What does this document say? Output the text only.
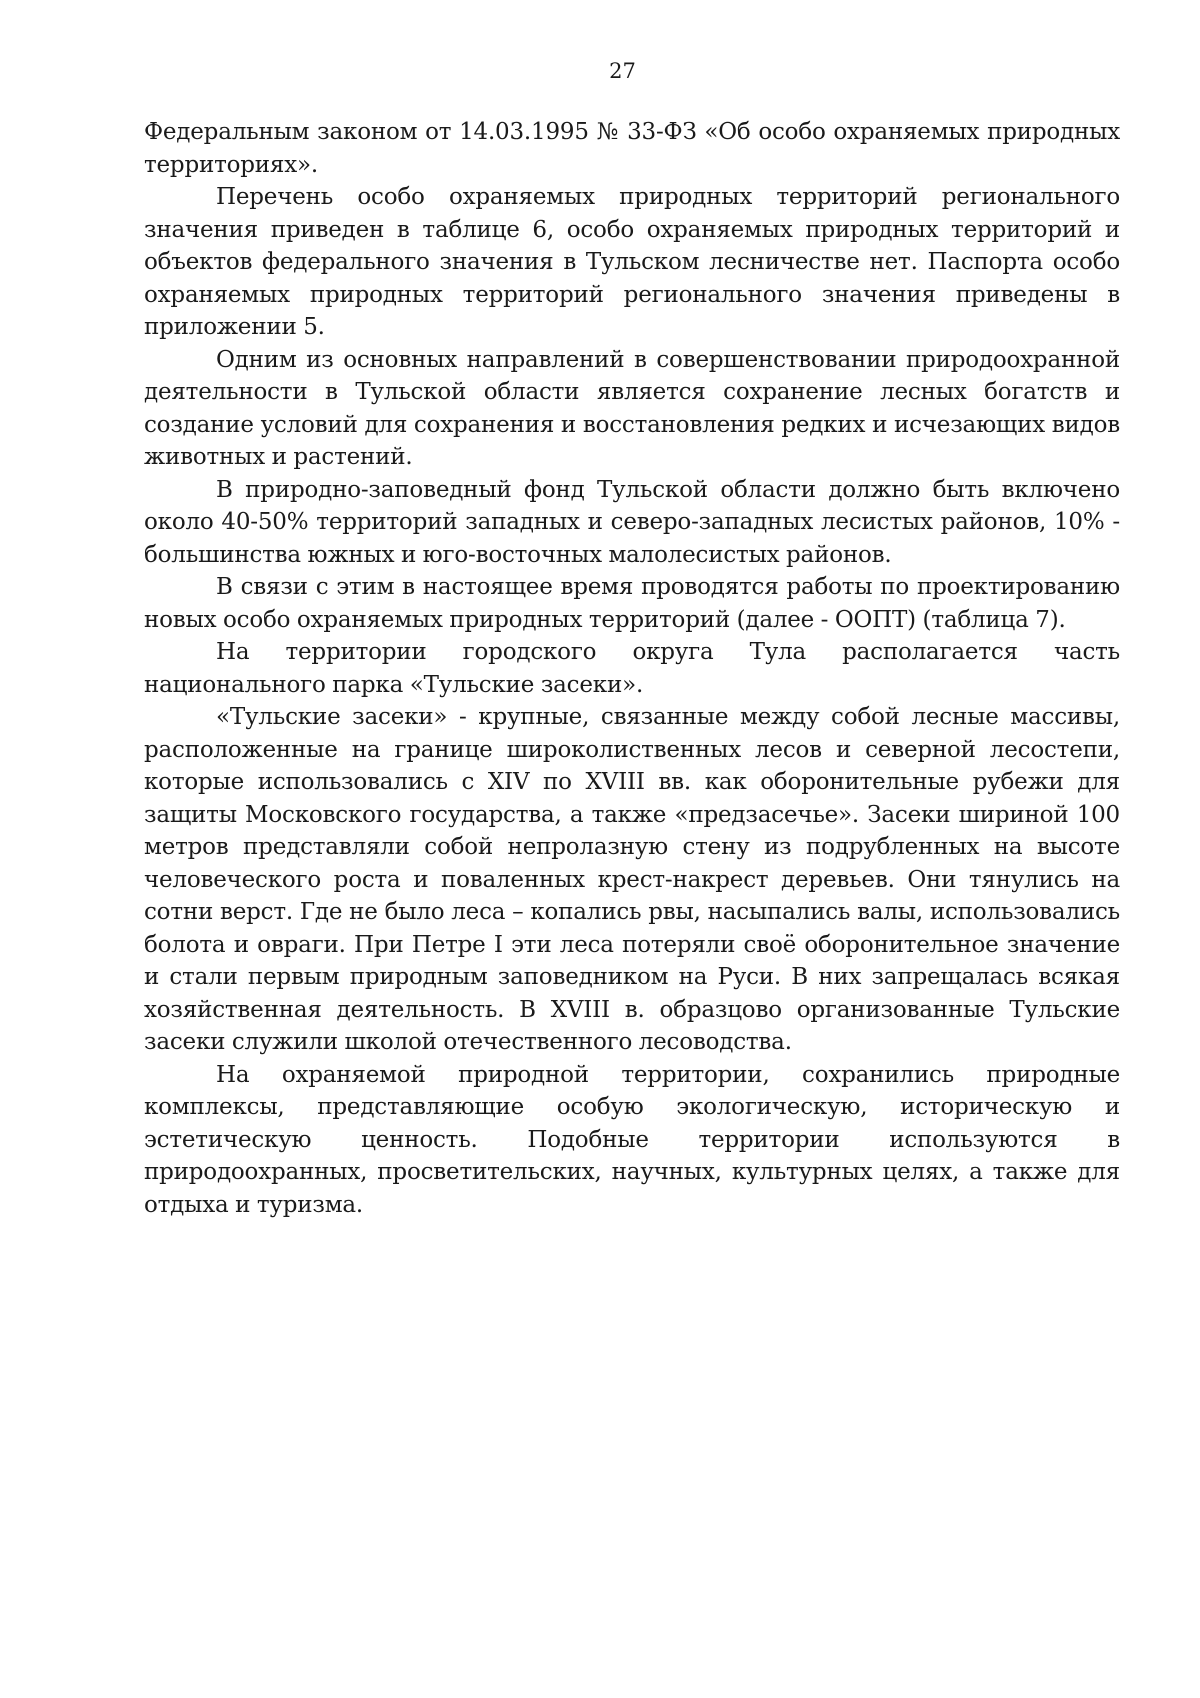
27

Федеральным законом от 14.03.1995 № 33-ФЗ «Об особо охраняемых природных территориях».

Перечень особо охраняемых природных территорий регионального значения приведен в таблице 6, особо охраняемых природных территорий и объектов федерального значения в Тульском лесничестве нет. Паспорта особо охраняемых природных территорий регионального значения приведены в приложении 5.

Одним из основных направлений в совершенствовании природоохранной деятельности в Тульской области является сохранение лесных богатств и создание условий для сохранения и восстановления редких и исчезающих видов животных и растений.

В природно-заповедный фонд Тульской области должно быть включено около 40-50% территорий западных и северо-западных лесистых районов, 10% - большинства южных и юго-восточных малолесистых районов.

В связи с этим в настоящее время проводятся работы по проектированию новых особо охраняемых природных территорий (далее - ООПТ) (таблица 7).

На территории городского округа Тула располагается часть национального парка «Тульские засеки».

«Тульские засеки» - крупные, связанные между собой лесные массивы, расположенные на границе широколиственных лесов и северной лесостепи, которые использовались с XIV по XVIII вв. как оборонительные рубежи для защиты Московского государства, а также «предзасечье». Засеки шириной 100 метров представляли собой непролазную стену из подрубленных на высоте человеческого роста и поваленных крест-накрест деревьев. Они тянулись на сотни верст. Где не было леса – копались рвы, насыпались валы, использовались болота и овраги. При Петре I эти леса потеряли своё оборонительное значение и стали первым природным заповедником на Руси. В них запрещалась всякая хозяйственная деятельность. В XVIII в. образцово организованные Тульские засеки служили школой отечественного лесоводства.

На охраняемой природной территории, сохранились природные комплексы, представляющие особую экологическую, историческую и эстетическую ценность. Подобные территории используются в природоохранных, просветительских, научных, культурных целях, а также для отдыха и туризма.
